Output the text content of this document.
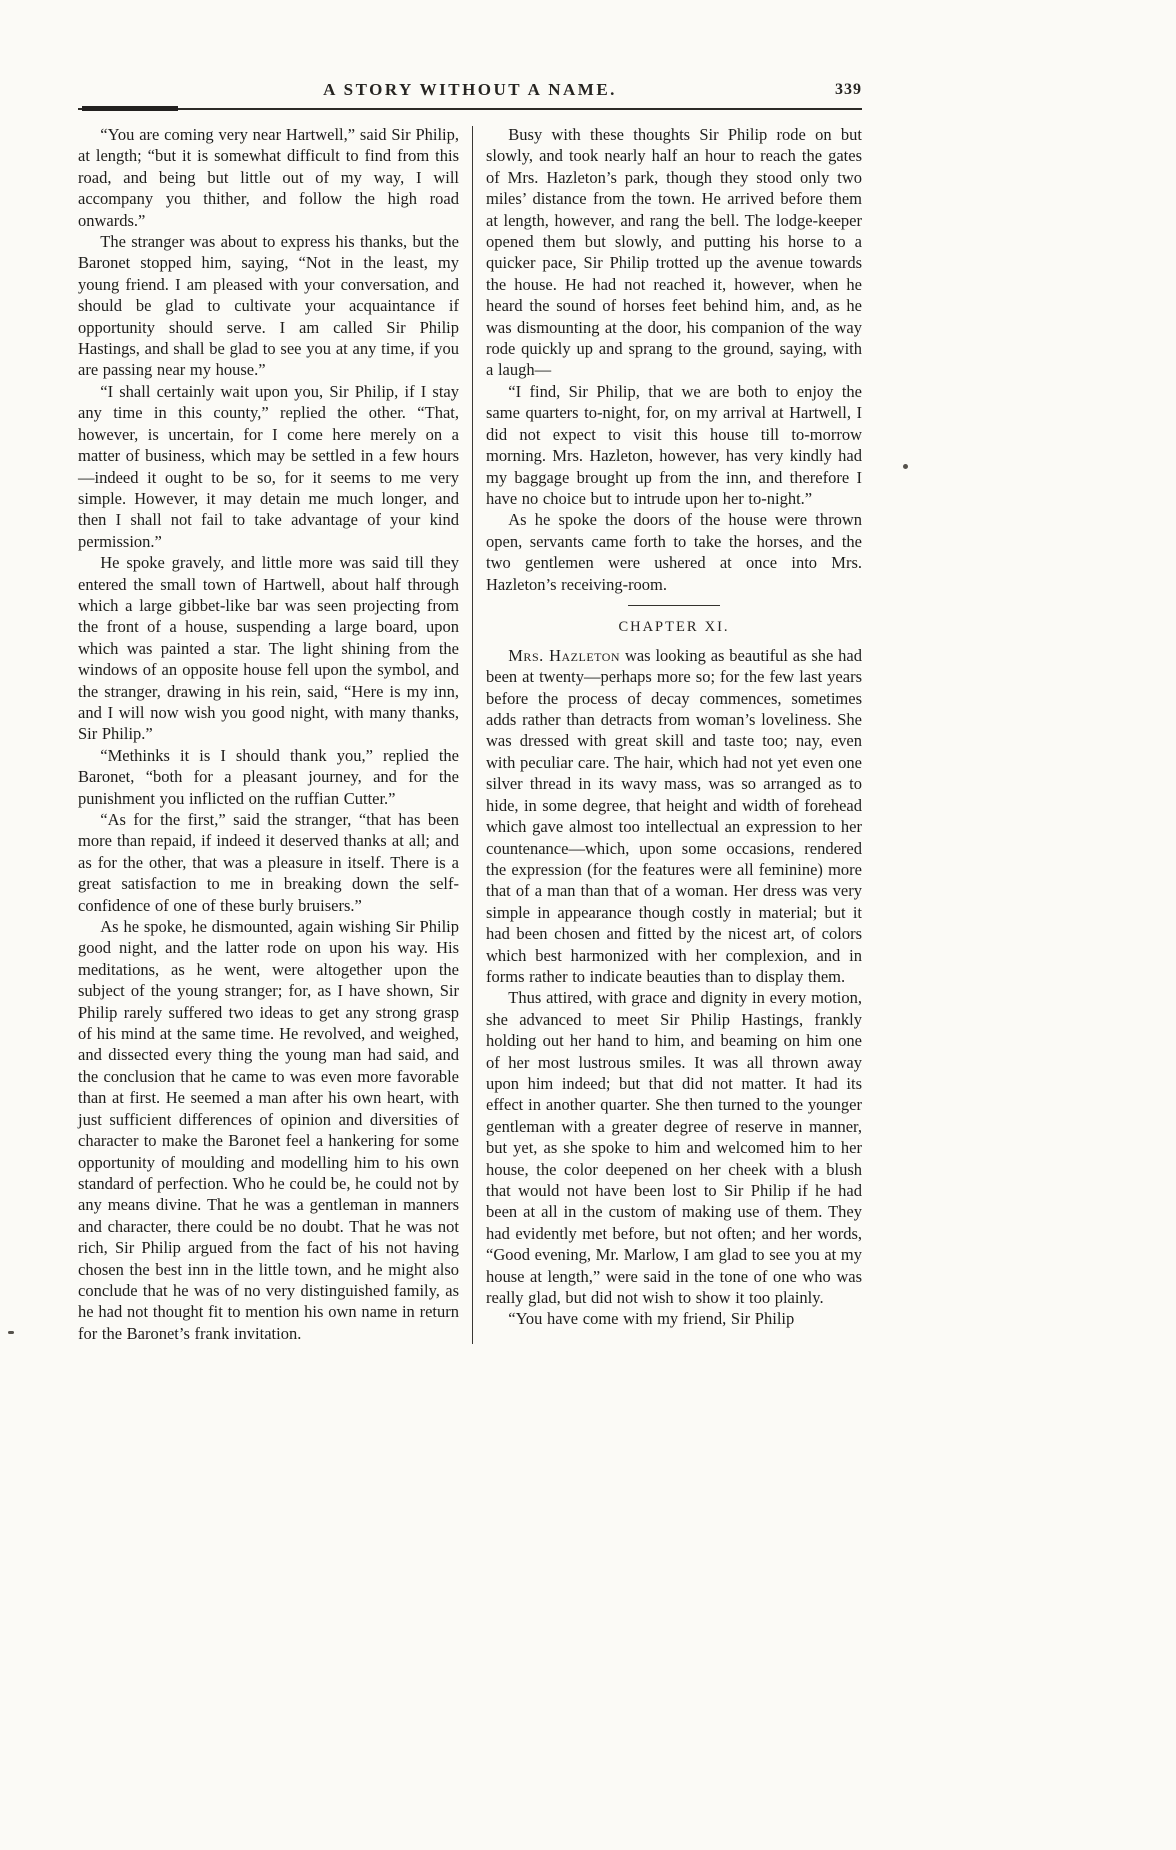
A STORY WITHOUT A NAME.	339

“You are coming very near Hartwell,” said Sir Philip, at length; “but it is somewhat difficult to find from this road, and being but little out of my way, I will accompany you thither, and follow the high road onwards.”

The stranger was about to express his thanks, but the Baronet stopped him, saying, “Not in the least, my young friend. I am pleased with your conversation, and should be glad to cultivate your acquaintance if opportunity should serve. I am called Sir Philip Hastings, and shall be glad to see you at any time, if you are passing near my house.”

“I shall certainly wait upon you, Sir Philip, if I stay any time in this county,” replied the other. “That, however, is uncertain, for I come here merely on a matter of business, which may be settled in a few hours—indeed it ought to be so, for it seems to me very simple. However, it may detain me much longer, and then I shall not fail to take advantage of your kind permission.”

He spoke gravely, and little more was said till they entered the small town of Hartwell, about half through which a large gibbet-like bar was seen projecting from the front of a house, suspending a large board, upon which was painted a star. The light shining from the windows of an opposite house fell upon the symbol, and the stranger, drawing in his rein, said, “Here is my inn, and I will now wish you good night, with many thanks, Sir Philip.”

“Methinks it is I should thank you,” replied the Baronet, “both for a pleasant journey, and for the punishment you inflicted on the ruffian Cutter.”

“As for the first,” said the stranger, “that has been more than repaid, if indeed it deserved thanks at all; and as for the other, that was a pleasure in itself. There is a great satisfaction to me in breaking down the self-confidence of one of these burly bruisers.”

As he spoke, he dismounted, again wishing Sir Philip good night, and the latter rode on upon his way. His meditations, as he went, were altogether upon the subject of the young stranger; for, as I have shown, Sir Philip rarely suffered two ideas to get any strong grasp of his mind at the same time. He revolved, and weighed, and dissected every thing the young man had said, and the conclusion that he came to was even more favorable than at first. He seemed a man after his own heart, with just sufficient differences of opinion and diversities of character to make the Baronet feel a hankering for some opportunity of moulding and modelling him to his own standard of perfection. Who he could be, he could not by any means divine. That he was a gentleman in manners and character, there could be no doubt. That he was not rich, Sir Philip argued from the fact of his not having chosen the best inn in the little town, and he might also conclude that he was of no very distinguished family, as he had not thought fit to mention his own name in return for the Baronet’s frank invitation.

Busy with these thoughts Sir Philip rode on but slowly, and took nearly half an hour to reach the gates of Mrs. Hazleton’s park, though they stood only two miles’ distance from the town. He arrived before them at length, however, and rang the bell. The lodge-keeper opened them but slowly, and putting his horse to a quicker pace, Sir Philip trotted up the avenue towards the house. He had not reached it, however, when he heard the sound of horses feet behind him, and, as he was dismounting at the door, his companion of the way rode quickly up and sprang to the ground, saying, with a laugh—

“I find, Sir Philip, that we are both to enjoy the same quarters to-night, for, on my arrival at Hartwell, I did not expect to visit this house till to-morrow morning. Mrs. Hazleton, however, has very kindly had my baggage brought up from the inn, and therefore I have no choice but to intrude upon her to-night.”

As he spoke the doors of the house were thrown open, servants came forth to take the horses, and the two gentlemen were ushered at once into Mrs. Hazleton’s receiving-room.

CHAPTER XI.

Mrs. Hazleton was looking as beautiful as she had been at twenty—perhaps more so; for the few last years before the process of decay commences, sometimes adds rather than detracts from woman’s loveliness. She was dressed with great skill and taste too; nay, even with peculiar care. The hair, which had not yet even one silver thread in its wavy mass, was so arranged as to hide, in some degree, that height and width of forehead which gave almost too intellectual an expression to her countenance—which, upon some occasions, rendered the expression (for the features were all feminine) more that of a man than that of a woman. Her dress was very simple in appearance though costly in material; but it had been chosen and fitted by the nicest art, of colors which best harmonized with her complexion, and in forms rather to indicate beauties than to display them.

Thus attired, with grace and dignity in every motion, she advanced to meet Sir Philip Hastings, frankly holding out her hand to him, and beaming on him one of her most lustrous smiles. It was all thrown away upon him indeed; but that did not matter. It had its effect in another quarter. She then turned to the younger gentleman with a greater degree of reserve in manner, but yet, as she spoke to him and welcomed him to her house, the color deepened on her cheek with a blush that would not have been lost to Sir Philip if he had been at all in the custom of making use of them. They had evidently met before, but not often; and her words, “Good evening, Mr. Marlow, I am glad to see you at my house at length,” were said in the tone of one who was really glad, but did not wish to show it too plainly.

“You have come with my friend, Sir Philip
